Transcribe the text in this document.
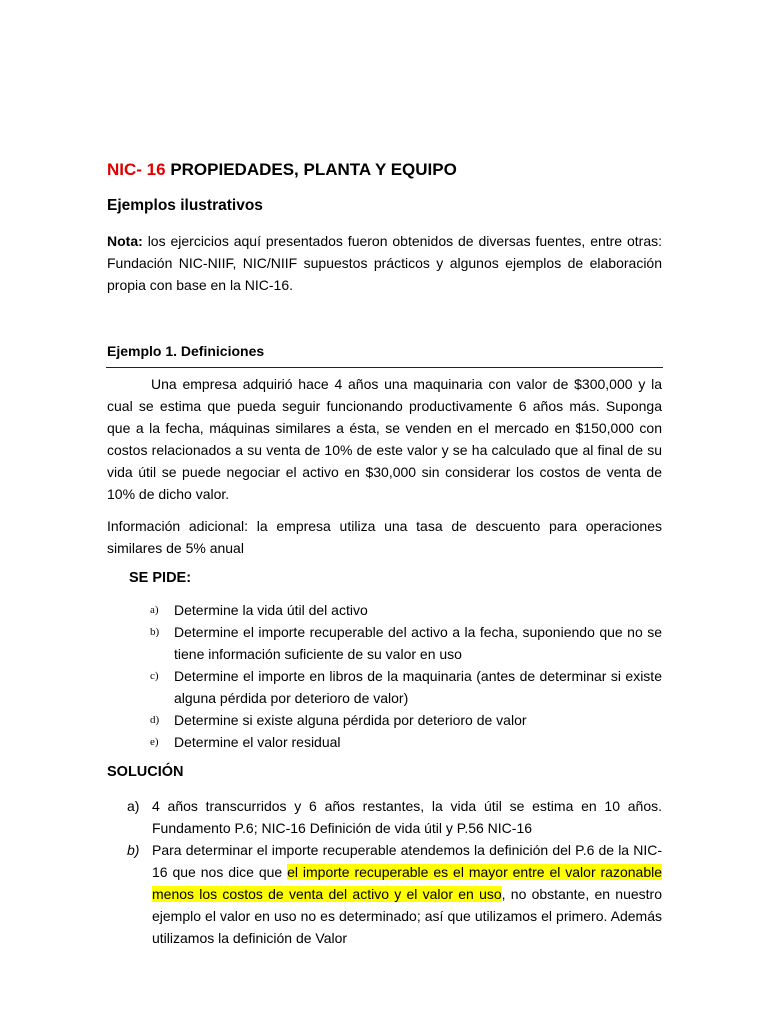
NIC- 16 PROPIEDADES, PLANTA Y EQUIPO
Ejemplos ilustrativos
Nota: los ejercicios aquí presentados fueron obtenidos de diversas fuentes, entre otras: Fundación NIC-NIIF, NIC/NIIF supuestos prácticos y algunos ejemplos de elaboración propia con base en la NIC-16.
Ejemplo 1. Definiciones
Una empresa adquirió hace 4 años una maquinaria con valor de $300,000 y la cual se estima que pueda seguir funcionando productivamente 6 años más. Suponga que a la fecha, máquinas similares a ésta, se venden en el mercado en $150,000 con costos relacionados a su venta de 10% de este valor y se ha calculado que al final de su vida útil se puede negociar el activo en $30,000 sin considerar los costos de venta de 10% de dicho valor.
Información adicional: la empresa utiliza una tasa de descuento para operaciones similares de 5% anual
SE PIDE:
a) Determine la vida útil del activo
b) Determine el importe recuperable del activo a la fecha, suponiendo que no se tiene información suficiente de su valor en uso
c) Determine el importe en libros de la maquinaria (antes de determinar si existe alguna pérdida por deterioro de valor)
d) Determine si existe alguna pérdida por deterioro de valor
e) Determine el valor residual
SOLUCIÓN
a) 4 años transcurridos y 6 años restantes, la vida útil se estima en 10 años. Fundamento P.6; NIC-16 Definición de vida útil y P.56 NIC-16
b) Para determinar el importe recuperable atendemos la definición del P.6 de la NIC-16 que nos dice que el importe recuperable es el mayor entre el valor razonable menos los costos de venta del activo y el valor en uso, no obstante, en nuestro ejemplo el valor en uso no es determinado; así que utilizamos el primero. Además utilizamos la definición de Valor
